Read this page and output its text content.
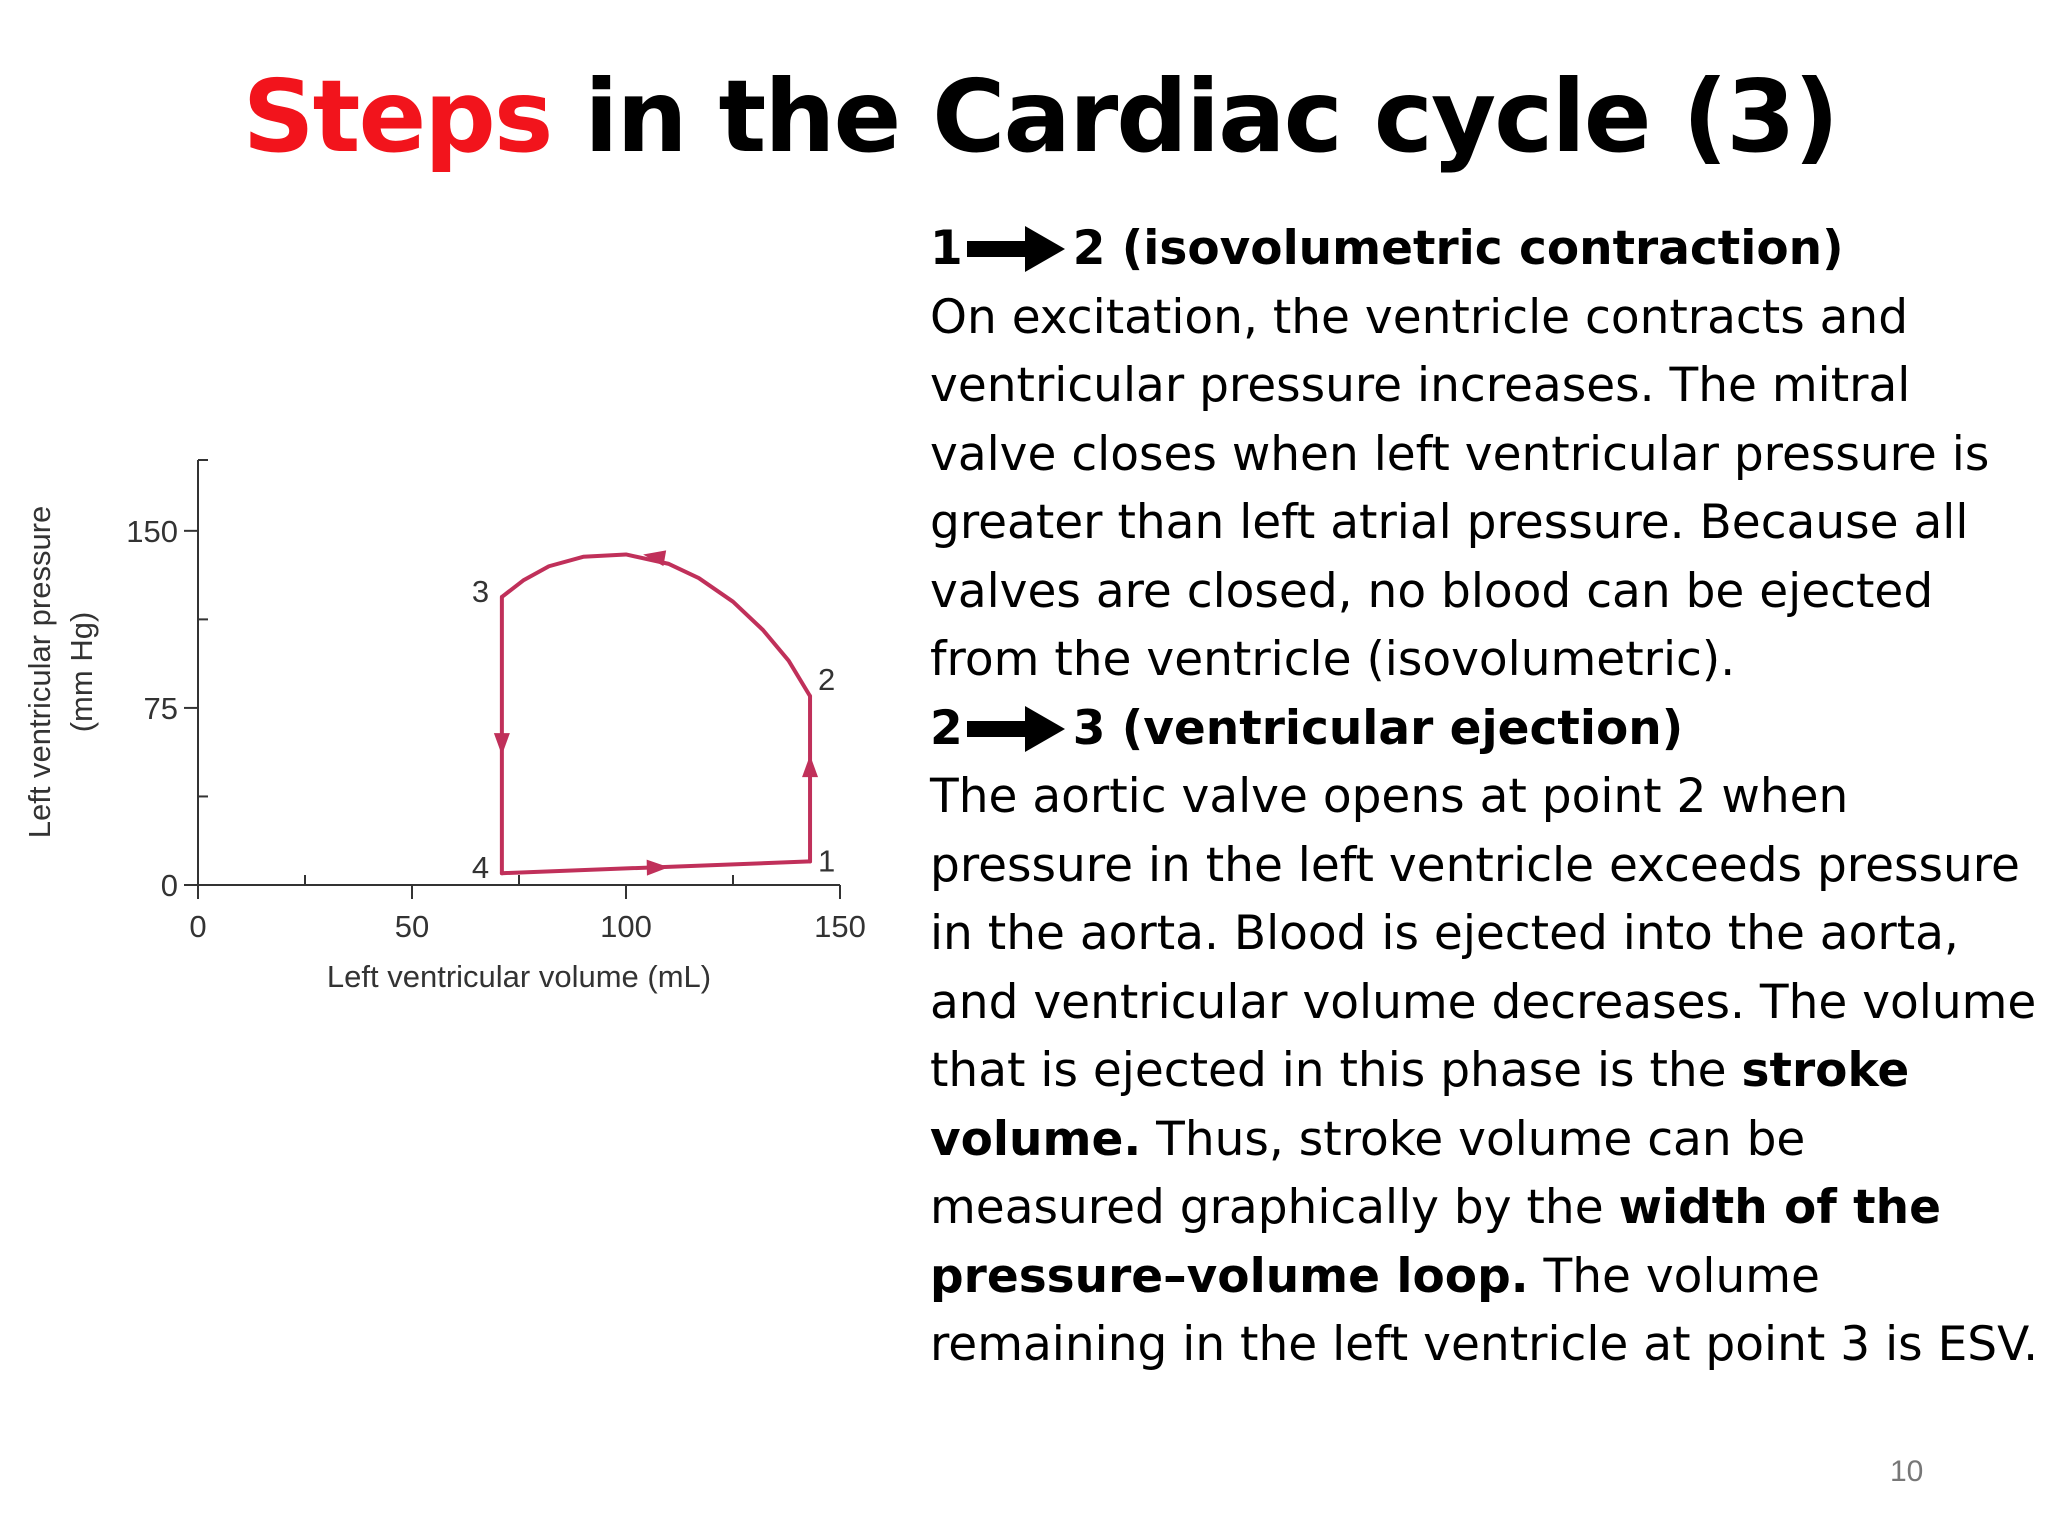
Steps in the Cardiac cycle (3)
0
75
150
0	50	100	150
Left ventricular volume (mL)
Left ventricular pressure (mm Hg)
1
2
3
4

1 2
(isovolumetric contraction)

On excitation, the ventricle contracts and ventricular pressure increases. The mitral valve closes when left ventricular pressure is greater than left atrial pressure. Because all valves are closed, no blood can be ejected from the ventricle (isovolumetric).

2 3
(ventricular ejection)

The aortic valve opens at point 2 when pressure in the left ventricle exceeds pressure in the aorta. Blood is ejected into the aorta, and ventricular volume decreases. The volume that is ejected in this phase is the stroke volume. Thus, stroke volume can be measured graphically by the width of the pressure–volume loop. The volume remaining in the left ventricle at point 3 is ESV.

10
